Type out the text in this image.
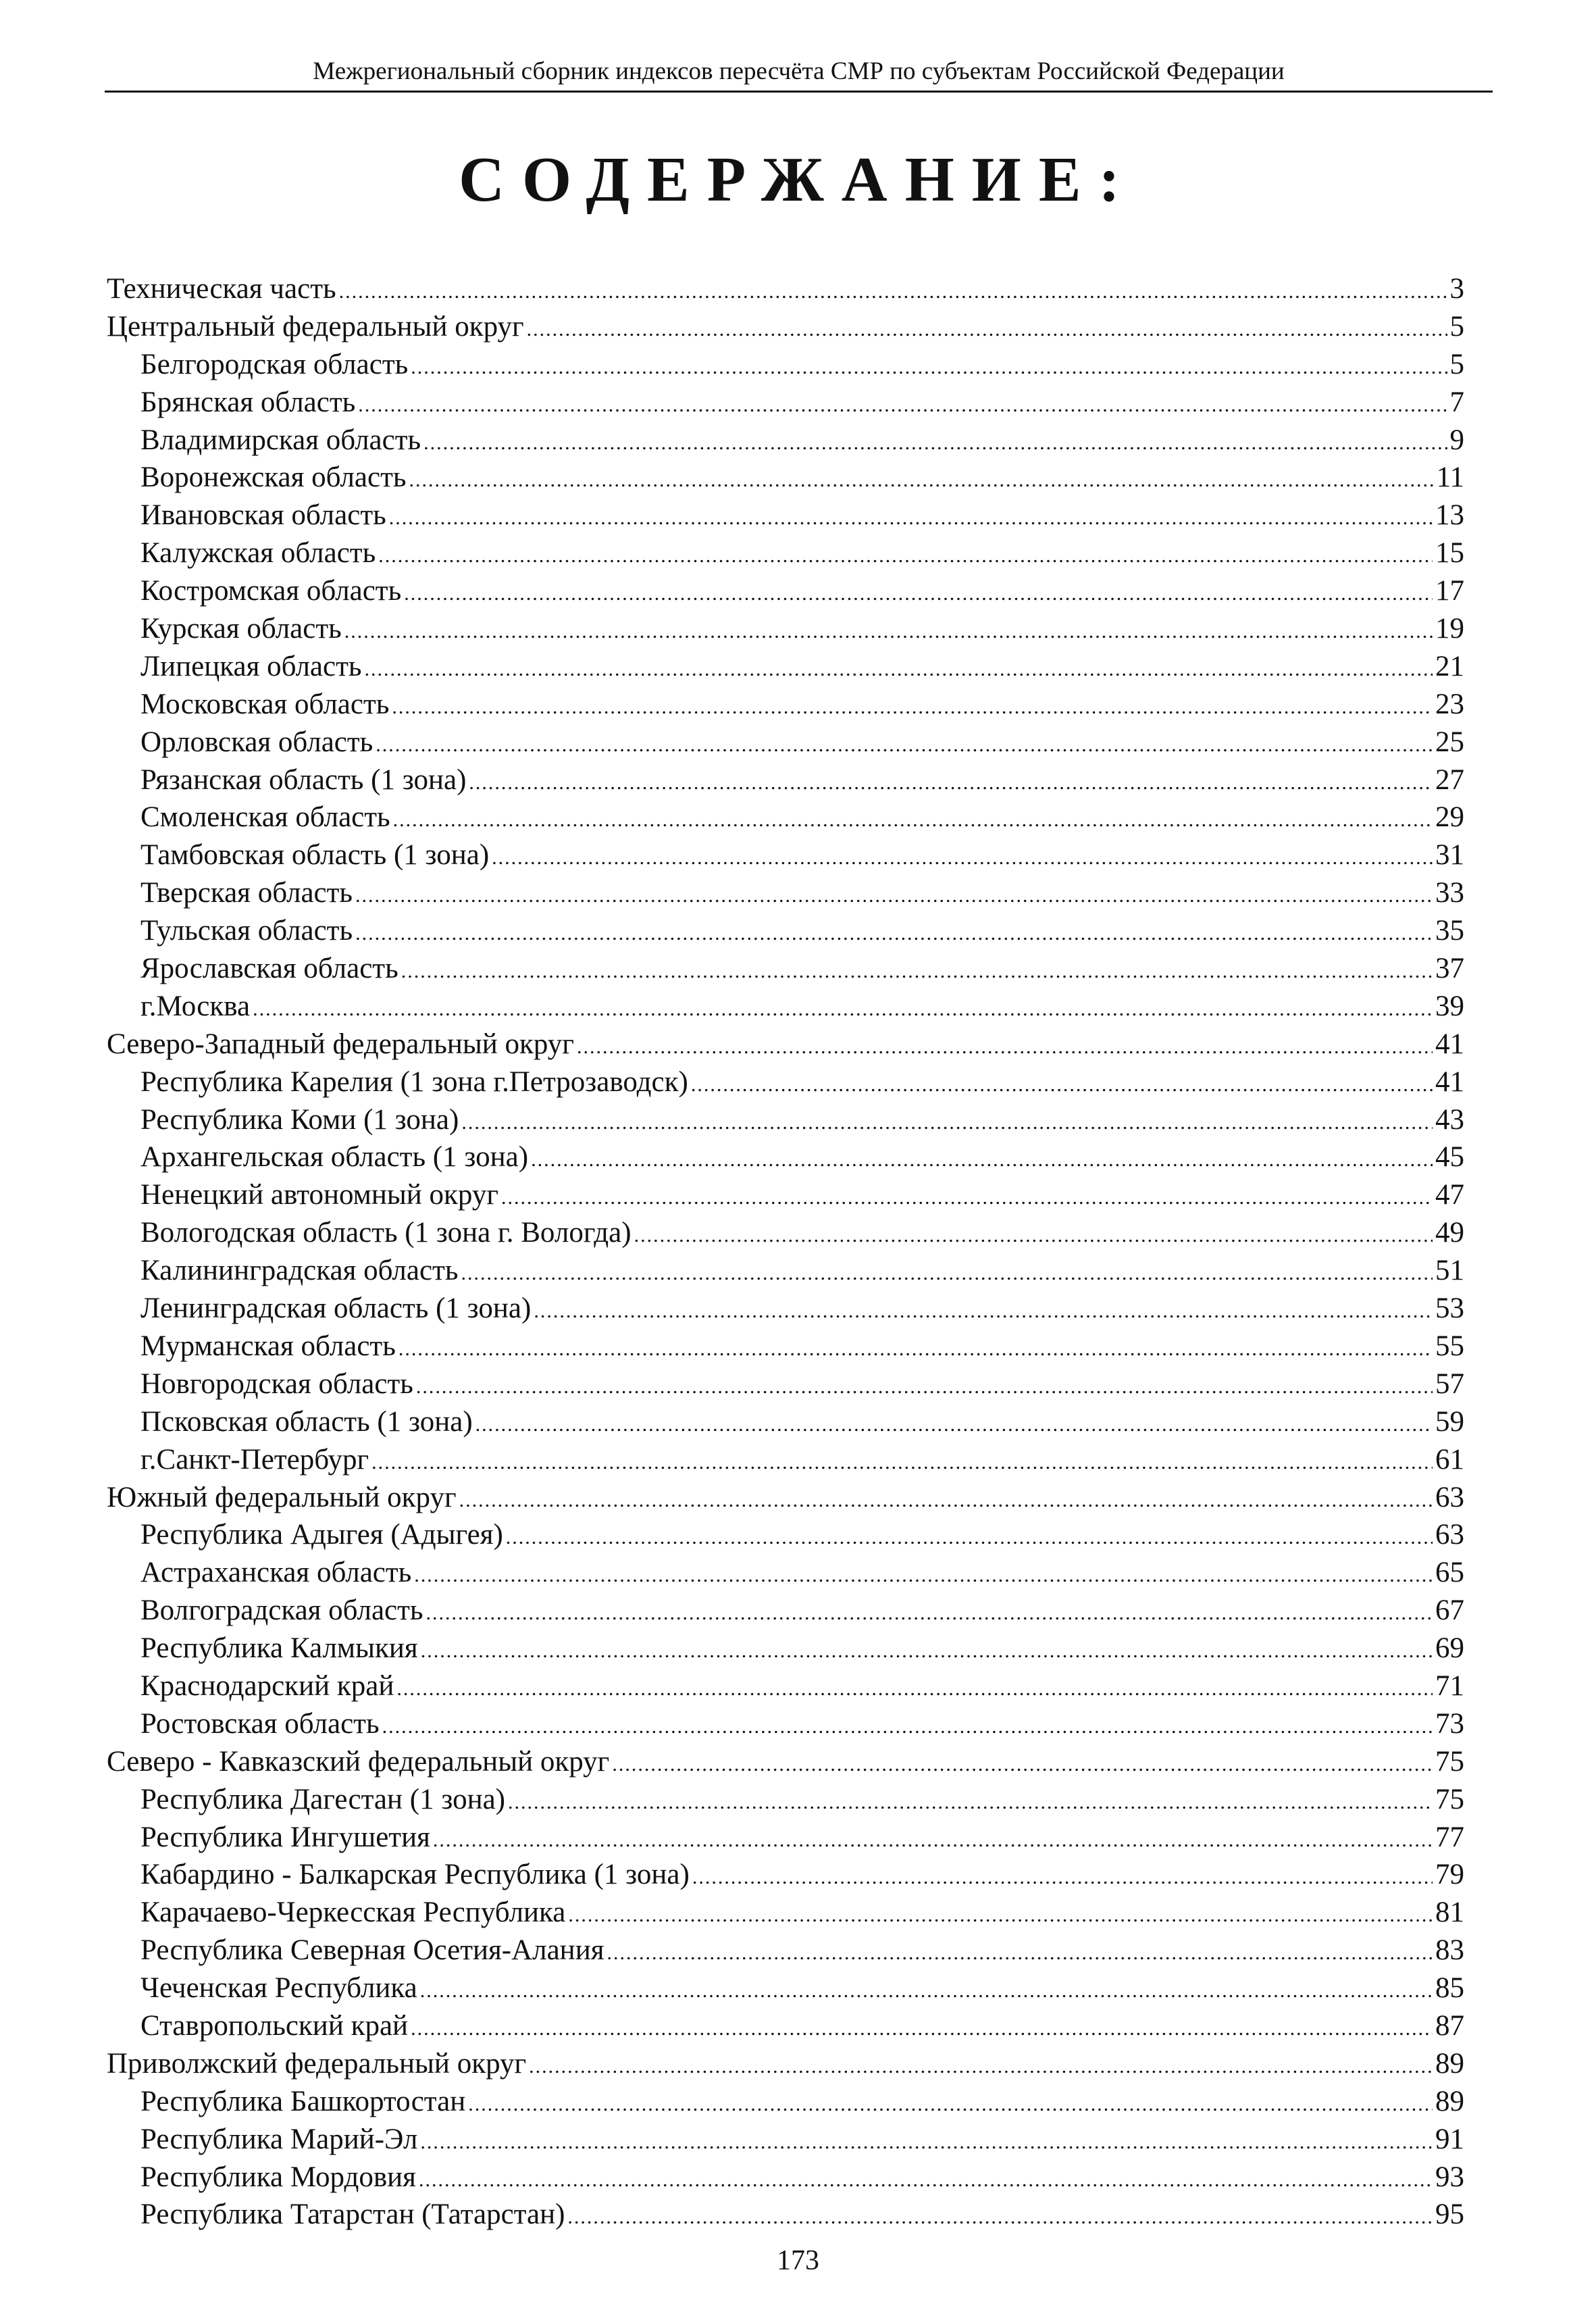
Межрегиональный сборник индексов пересчёта СМР по субъектам Российской Федерации
СОДЕРЖАНИЕ:
Техническая часть .....	3
Центральный федеральный округ .....	5
Белгородская область .....	5
Брянская область .....	7
Владимирская область .....	9
Воронежская область .....	11
Ивановская область .....	13
Калужская область .....	15
Костромская область .....	17
Курская область .....	19
Липецкая область .....	21
Московская область .....	23
Орловская область .....	25
Рязанская область (1 зона) .....	27
Смоленская область .....	29
Тамбовская область (1 зона) .....	31
Тверская область .....	33
Тульская область .....	35
Ярославская область .....	37
г.Москва .....	39
Северо-Западный федеральный округ .....	41
Республика Карелия (1 зона г.Петрозаводск) .....	41
Республика Коми (1 зона) .....	43
Архангельская область (1 зона) .....	45
Ненецкий автономный округ .....	47
Вологодская область (1 зона г. Вологда) .....	49
Калининградская область .....	51
Ленинградская область (1 зона) .....	53
Мурманская область .....	55
Новгородская область .....	57
Псковская область (1 зона) .....	59
г.Санкт-Петербург .....	61
Южный федеральный округ .....	63
Республика Адыгея (Адыгея) .....	63
Астраханская область .....	65
Волгоградская область .....	67
Республика Калмыкия .....	69
Краснодарский край .....	71
Ростовская область .....	73
Северо - Кавказский федеральный округ .....	75
Республика Дагестан (1 зона) .....	75
Республика Ингушетия .....	77
Кабардино - Балкарская Республика (1 зона) .....	79
Карачаево-Черкесская Республика .....	81
Республика Северная Осетия-Алания .....	83
Чеченская Республика .....	85
Ставропольский край .....	87
Приволжский федеральный округ .....	89
Республика Башкортостан .....	89
Республика Марий-Эл .....	91
Республика Мордовия .....	93
Республика Татарстан (Татарстан) .....	95
173
